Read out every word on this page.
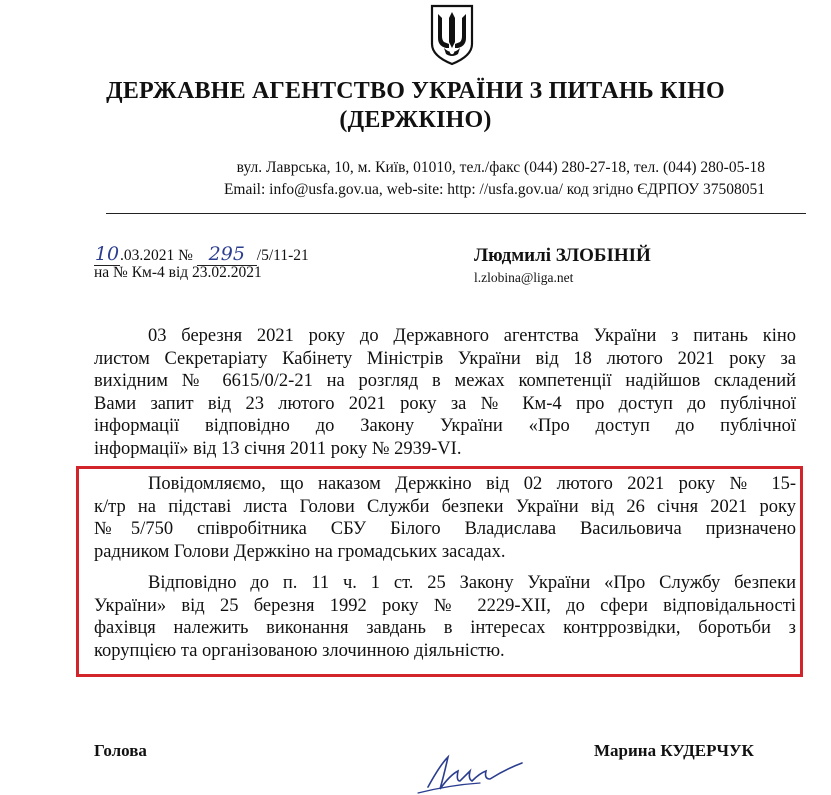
ДЕРЖАВНЕ АГЕНТСТВО УКРАЇНИ З ПИТАНЬ КІНО
(ДЕРЖКІНО)
вул. Лаврська, 10, м. Київ, 01010, тел./факс (044) 280-27-18, тел. (044) 280-05-18
Email: info@usfa.gov.ua, web-site: http: //usfa.gov.ua/ код згідно ЄДРПОУ 37508051
10.03.2021 № 295 /5/11-21
на № Км-4 від 23.02.2021
Людмилі ЗЛОБІНІЙ
l.zlobina@liga.net
03 березня 2021 року до Державного агентства України з питань кіно
листом Секретаріату Кабінету Міністрів України від 18 лютого 2021 року за
вихідним № 6615/0/2-21 на розгляд в межах компетенції надійшов складений
Вами запит від 23 лютого 2021 року за № Км-4 про доступ до публічної
інформації відповідно до Закону України «Про доступ до публічної
інформації» від 13 січня 2011 року № 2939-VI.
Повідомляємо, що наказом Держкіно від 02 лютого 2021 року № 15-
к/тр на підставі листа Голови Служби безпеки України від 26 січня 2021 року
№5/750 співробітника СБУ Білого Владислава Васильовича призначено
радником Голови Держкіно на громадських засадах.
Відповідно до п. 11 ч. 1 ст. 25 Закону України «Про Службу безпеки
України» від 25 березня 1992 року № 2229-XII, до сфери відповідальності
фахівця належить виконання завдань в інтересах контррозвідки, боротьби з
корупцією та організованою злочинною діяльністю.
Голова	Марина КУДЕРЧУК
